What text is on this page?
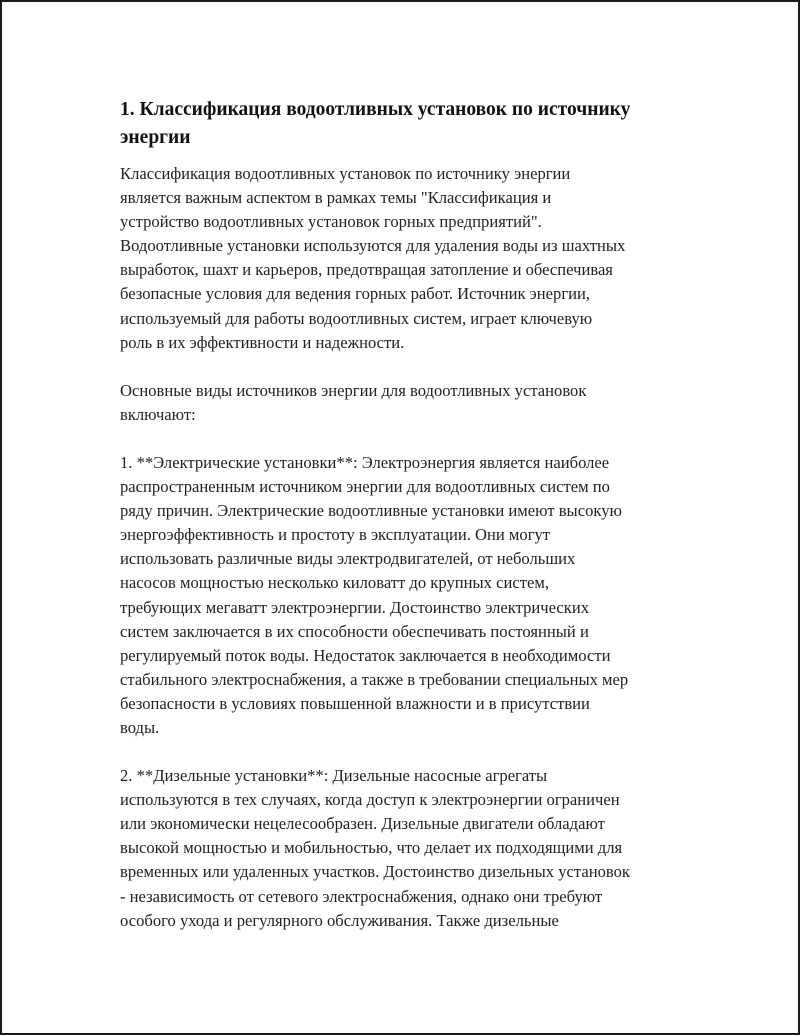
1. Классификация водоотливных установок по источнику
энергии

Классификация водоотливных установок по источнику энергии
является важным аспектом в рамках темы "Классификация и
устройство водоотливных установок горных предприятий".
Водоотливные установки используются для удаления воды из шахтных
выработок, шахт и карьеров, предотвращая затопление и обеспечивая
безопасные условия для ведения горных работ. Источник энергии,
используемый для работы водоотливных систем, играет ключевую
роль в их эффективности и надежности.

Основные виды источников энергии для водоотливных установок
включают:

1. **Электрические установки**: Электроэнергия является наиболее
распространенным источником энергии для водоотливных систем по
ряду причин. Электрические водоотливные установки имеют высокую
энергоэффективность и простоту в эксплуатации. Они могут
использовать различные виды электродвигателей, от небольших
насосов мощностью несколько киловатт до крупных систем,
требующих мегаватт электроэнергии. Достоинство электрических
систем заключается в их способности обеспечивать постоянный и
регулируемый поток воды. Недостаток заключается в необходимости
стабильного электроснабжения, а также в требовании специальных мер
безопасности в условиях повышенной влажности и в присутствии
воды.

2. **Дизельные установки**: Дизельные насосные агрегаты
используются в тех случаях, когда доступ к электроэнергии ограничен
или экономически нецелесообразен. Дизельные двигатели обладают
высокой мощностью и мобильностью, что делает их подходящими для
временных или удаленных участков. Достоинство дизельных установок
- независимость от сетевого электроснабжения, однако они требуют
особого ухода и регулярного обслуживания. Также дизельные
